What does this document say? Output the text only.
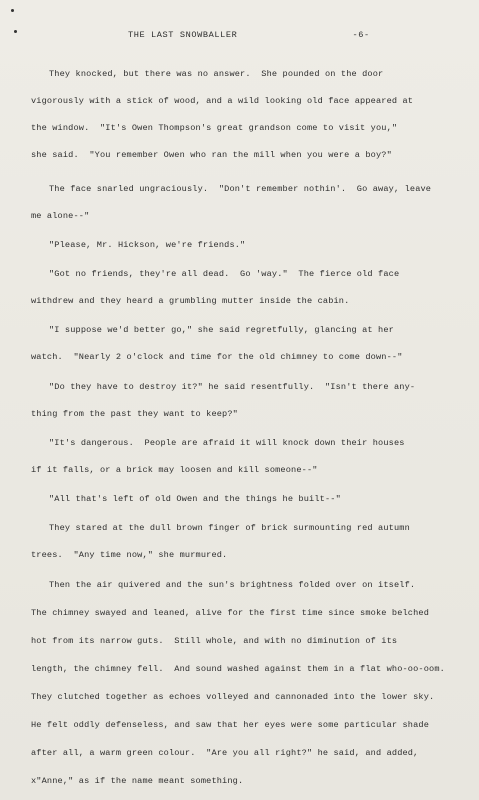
THE LAST SNOWBALLER                    -6-
They knocked, but there was no answer.  She pounded on the door
vigorously with a stick of wood, and a wild looking old face appeared at
the window.  "It's Owen Thompson's great grandson come to visit you,"
she said.  "You remember Owen who ran the mill when you were a boy?"
The face snarled ungraciously.  "Don't remember nothin'.  Go away, leave
me alone--"
"Please, Mr. Hickson, we're friends."
"Got no friends, they're all dead.  Go 'way."  The fierce old face
withdrew and they heard a grumbling mutter inside the cabin.
"I suppose we'd better go," she said regretfully, glancing at her
watch.  "Nearly 2 o'clock and time for the old chimney to come down--"
"Do they have to destroy it?" he said resentfully.  "Isn't there any-
thing from the past they want to keep?"
"It's dangerous.  People are afraid it will knock down their houses
if it falls, or a brick may loosen and kill someone--"
"All that's left of old Owen and the things he built--"
They stared at the dull brown finger of brick surmounting red autumn
trees.  "Any time now," she murmured.
Then the air quivered and the sun's brightness folded over on itself.
The chimney swayed and leaned, alive for the first time since smoke belched
hot from its narrow guts.  Still whole, and with no diminution of its
length, the chimney fell.  And sound washed against them in a flat who-oo-oom.
They clutched together as echoes volleyed and cannonaded into the lower sky.
He felt oddly defenseless, and saw that her eyes were some particular shade
after all, a warm green colour.  "Are you all right?" he said, and added,
x"Anne," as if the name meant something.
